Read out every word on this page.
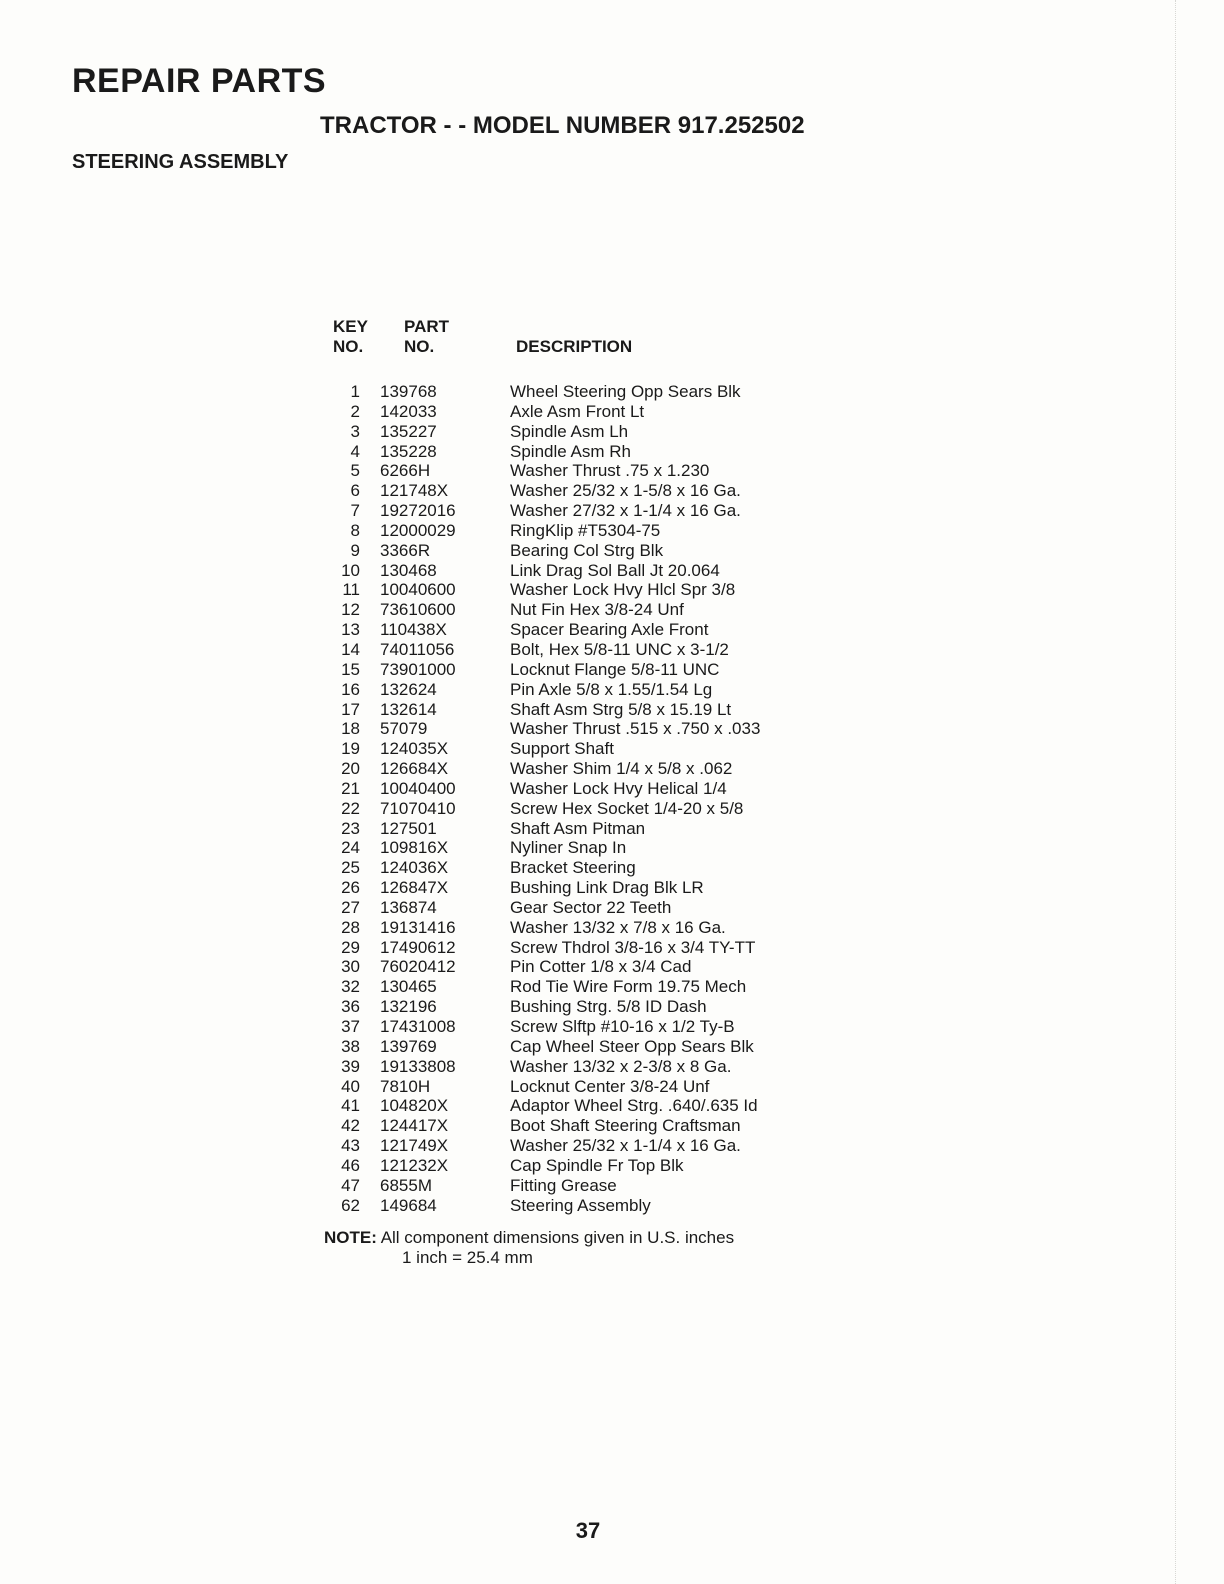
REPAIR PARTS
TRACTOR - - MODEL NUMBER 917.252502
STEERING ASSEMBLY
KEY
NO.
PART
NO.	DESCRIPTION
1	139768	Wheel Steering Opp Sears Blk
2	142033	Axle Asm Front Lt
3	135227	Spindle Asm Lh
4	135228	Spindle Asm Rh
5	6266H	Washer Thrust .75 x 1.230
6	121748X	Washer 25/32 x 1-5/8 x 16 Ga.
7	19272016	Washer 27/32 x 1-1/4 x 16 Ga.
8	12000029	RingKlip #T5304-75
9	3366R	Bearing Col Strg Blk
10	130468	Link Drag Sol Ball Jt 20.064
11	10040600	Washer Lock Hvy Hlcl Spr 3/8
12	73610600	Nut Fin Hex 3/8-24 Unf
13	110438X	Spacer Bearing Axle Front
14	74011056	Bolt, Hex 5/8-11 UNC x 3-1/2
15	73901000	Locknut Flange 5/8-11 UNC
16	132624	Pin Axle 5/8 x 1.55/1.54 Lg
17	132614	Shaft Asm Strg 5/8 x 15.19 Lt
18	57079	Washer Thrust .515 x .750 x .033
19	124035X	Support Shaft
20	126684X	Washer Shim 1/4 x 5/8 x .062
21	10040400	Washer Lock Hvy Helical 1/4
22	71070410	Screw Hex Socket 1/4-20 x 5/8
23	127501	Shaft Asm Pitman
24	109816X	Nyliner Snap In
25	124036X	Bracket Steering
26	126847X	Bushing Link Drag Blk LR
27	136874	Gear Sector 22 Teeth
28	19131416	Washer 13/32 x 7/8 x 16 Ga.
29	17490612	Screw Thdrol 3/8-16 x 3/4 TY-TT
30	76020412	Pin Cotter 1/8 x 3/4 Cad
32	130465	Rod Tie Wire Form 19.75 Mech
36	132196	Bushing Strg. 5/8 ID Dash
37	17431008	Screw Slftp #10-16 x 1/2 Ty-B
38	139769	Cap Wheel Steer Opp Sears Blk
39	19133808	Washer 13/32 x 2-3/8 x 8 Ga.
40	7810H	Locknut Center 3/8-24 Unf
41	104820X	Adaptor Wheel Strg. .640/.635 Id
42	124417X	Boot Shaft Steering Craftsman
43	121749X	Washer 25/32 x 1-1/4 x 16 Ga.
46	121232X	Cap Spindle Fr Top Blk
47	6855M	Fitting Grease
62	149684	Steering Assembly
NOTE: All component dimensions given in U.S. inches
1 inch = 25.4 mm
37
